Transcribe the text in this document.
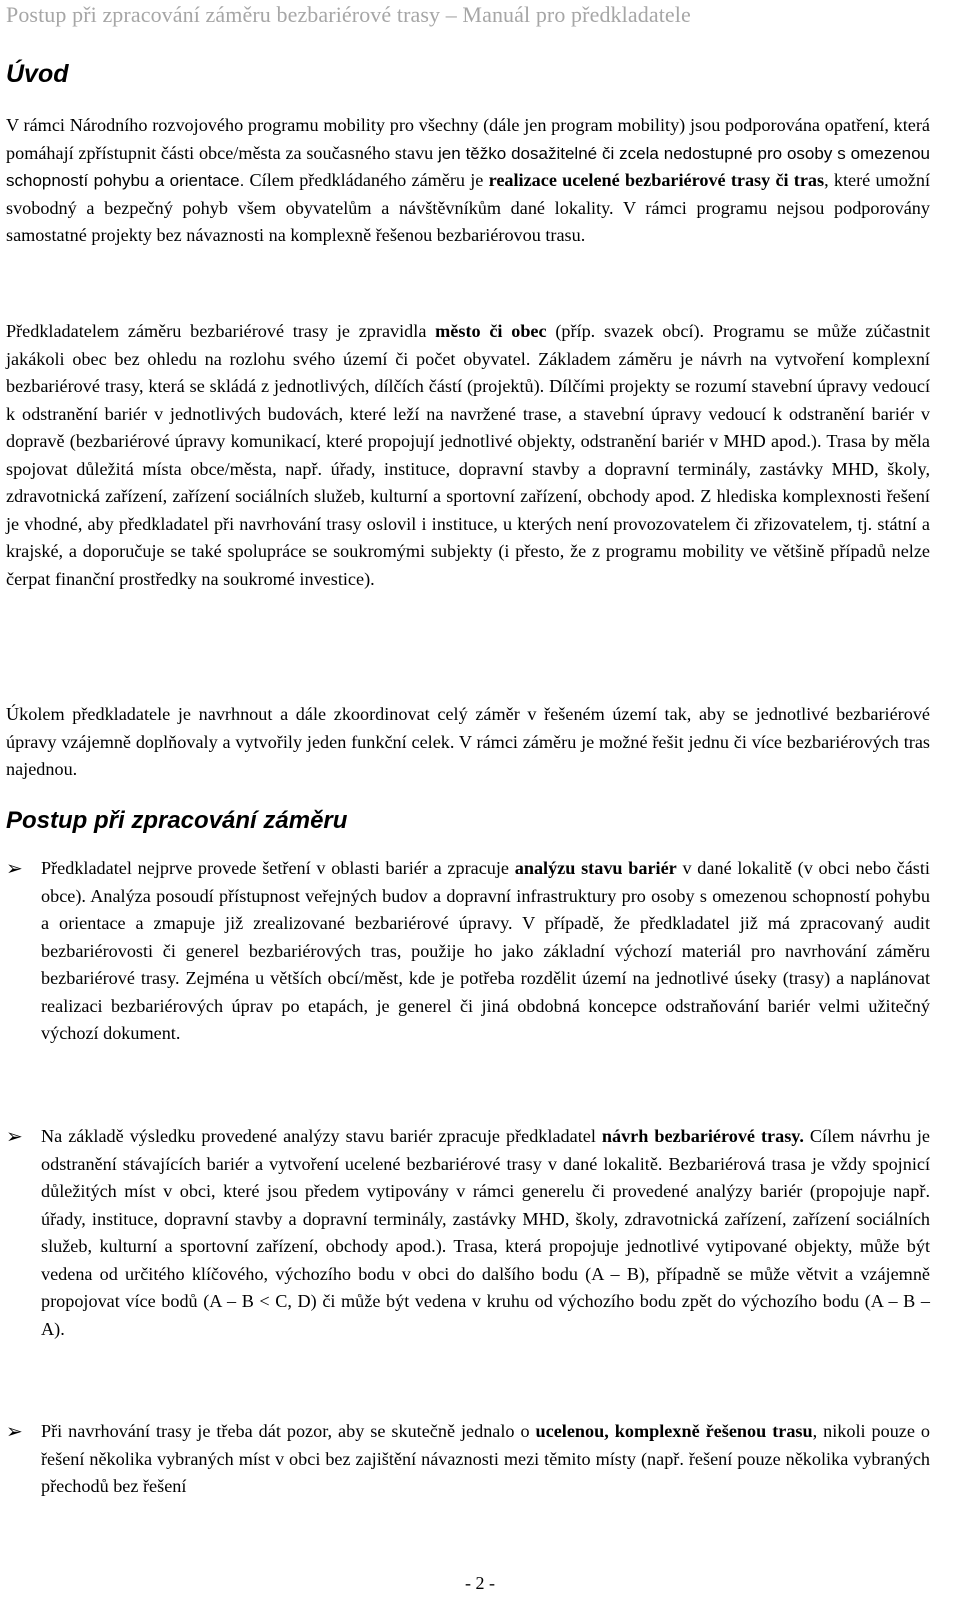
Postup při zpracování záměru bezbariérové trasy – Manuál pro předkladatele
Úvod

V rámci Národního rozvojového programu mobility pro všechny (dále jen program mobility) jsou podporována opatření, která pomáhají zpřístupnit části obce/města za současného stavu jen těžko dosažitelné či zcela nedostupné pro osoby s omezenou schopností pohybu a orientace. Cílem předkládaného záměru je realizace ucelené bezbariérové trasy či tras, které umožní svobodný a bezpečný pohyb všem obyvatelům a návštěvníkům dané lokality. V rámci programu nejsou podporovány samostatné projekty bez návaznosti na komplexně řešenou bezbariérovou trasu.

Předkladatelem záměru bezbariérové trasy je zpravidla město či obec (příp. svazek obcí). Programu se může zúčastnit jakákoli obec bez ohledu na rozlohu svého území či počet obyvatel. Základem záměru je návrh na vytvoření komplexní bezbariérové trasy, která se skládá z jednotlivých, dílčích částí (projektů). Dílčími projekty se rozumí stavební úpravy vedoucí k odstranění bariér v jednotlivých budovách, které leží na navržené trase, a stavební úpravy vedoucí k odstranění bariér v dopravě (bezbariérové úpravy komunikací, které propojují jednotlivé objekty, odstranění bariér v MHD apod.). Trasa by měla spojovat důležitá místa obce/města, např. úřady, instituce, dopravní stavby a dopravní terminály, zastávky MHD, školy, zdravotnická zařízení, zařízení sociálních služeb, kulturní a sportovní zařízení, obchody apod. Z hlediska komplexnosti řešení je vhodné, aby předkladatel při navrhování trasy oslovil i instituce, u kterých není provozovatelem či zřizovatelem, tj. státní a krajské, a doporučuje se také spolupráce se soukromými subjekty (i přesto, že z programu mobility ve většině případů nelze čerpat finanční prostředky na soukromé investice).

Úkolem předkladatele je navrhnout a dále zkoordinovat celý záměr v řešeném území tak, aby se jednotlivé bezbariérové úpravy vzájemně doplňovaly a vytvořily jeden funkční celek. V rámci záměru je možné řešit jednu či více bezbariérových tras najednou.

Postup při zpracování záměru
➢	Předkladatel nejprve provede šetření v oblasti bariér a zpracuje analýzu stavu bariér v dané lokalitě (v obci nebo části obce). Analýza posoudí přístupnost veřejných budov a dopravní infrastruktury pro osoby s omezenou schopností pohybu a orientace a zmapuje již zrealizované bezbariérové úpravy. V případě, že předkladatel již má zpracovaný audit bezbariérovosti či generel bezbariérových tras, použije ho jako základní výchozí materiál pro navrhování záměru bezbariérové trasy. Zejména u větších obcí/měst, kde je potřeba rozdělit území na jednotlivé úseky (trasy) a naplánovat realizaci bezbariérových úprav po etapách, je generel či jiná obdobná koncepce odstraňování bariér velmi užitečný výchozí dokument.

➢	Na základě výsledku provedené analýzy stavu bariér zpracuje předkladatel návrh bezbariérové trasy. Cílem návrhu je odstranění stávajících bariér a vytvoření ucelené bezbariérové trasy v dané lokalitě. Bezbariérová trasa je vždy spojnicí důležitých míst v obci, které jsou předem vytipovány v rámci generelu či provedené analýzy bariér (propojuje např. úřady, instituce, dopravní stavby a dopravní terminály, zastávky MHD, školy, zdravotnická zařízení, zařízení sociálních služeb, kulturní a sportovní zařízení, obchody apod.). Trasa, která propojuje jednotlivé vytipované objekty, může být vedena od určitého klíčového, výchozího bodu v obci do dalšího bodu (A – B), případně se může větvit a vzájemně propojovat více bodů (A – B < C, D) či může být vedena v kruhu od výchozího bodu zpět do výchozího bodu (A – B – A).

➢	Při navrhování trasy je třeba dát pozor, aby se skutečně jednalo o ucelenou, komplexně řešenou trasu, nikoli pouze o řešení několika vybraných míst v obci bez zajištění návaznosti mezi těmito místy (např. řešení pouze několika vybraných přechodů bez řešení

- 2 -
